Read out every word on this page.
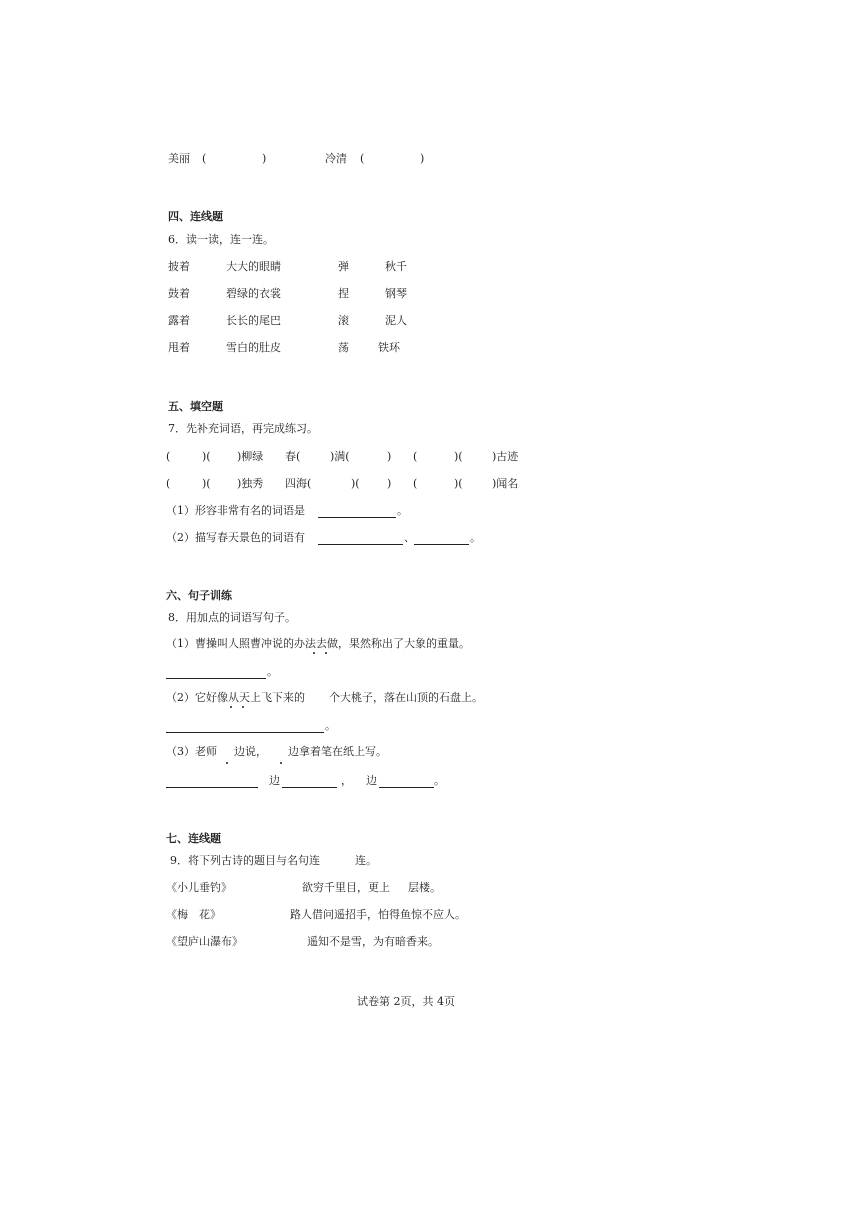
美丽 (	)	冷清 (	)
四、连线题
6．读一读，连一连。
披着	大大的眼睛	弹	秋千
鼓着	碧绿的衣裳	捏	钢琴
露着	长长的尾巴	滚	泥人
甩着	雪白的肚皮	荡	铁环
五、填空题
7．先补充词语，再完成练习。
(	)( )柳绿 春(	)满(	) (	)(	)古迹
(	)( )独秀 四海(	)( ) (	)(	)闻名
（1）形容非常有名的词语是	。
（2）描写春天景色的词语有	、	。
六、句子训练
8．用加点的词语写句子。
（1）曹操叫人照曹冲说的办法去做，果然称出了大象的重量。
。
（2）它好像从天上飞下来的 个大桃子，落在山顶的石盘上。
。
（3）老师 边说， 边拿着笔在纸上写。
边	， 边	。
七、连线题
9．将下列古诗的题目与名句连	连。
《小儿垂钓》	欲穷千里目，更上 层楼。
《梅　花》	路人借问遥招手，怕得鱼惊不应人。
《望庐山瀑布》	遥知不是雪，为有暗香来。
试卷第 2页，共 4页
